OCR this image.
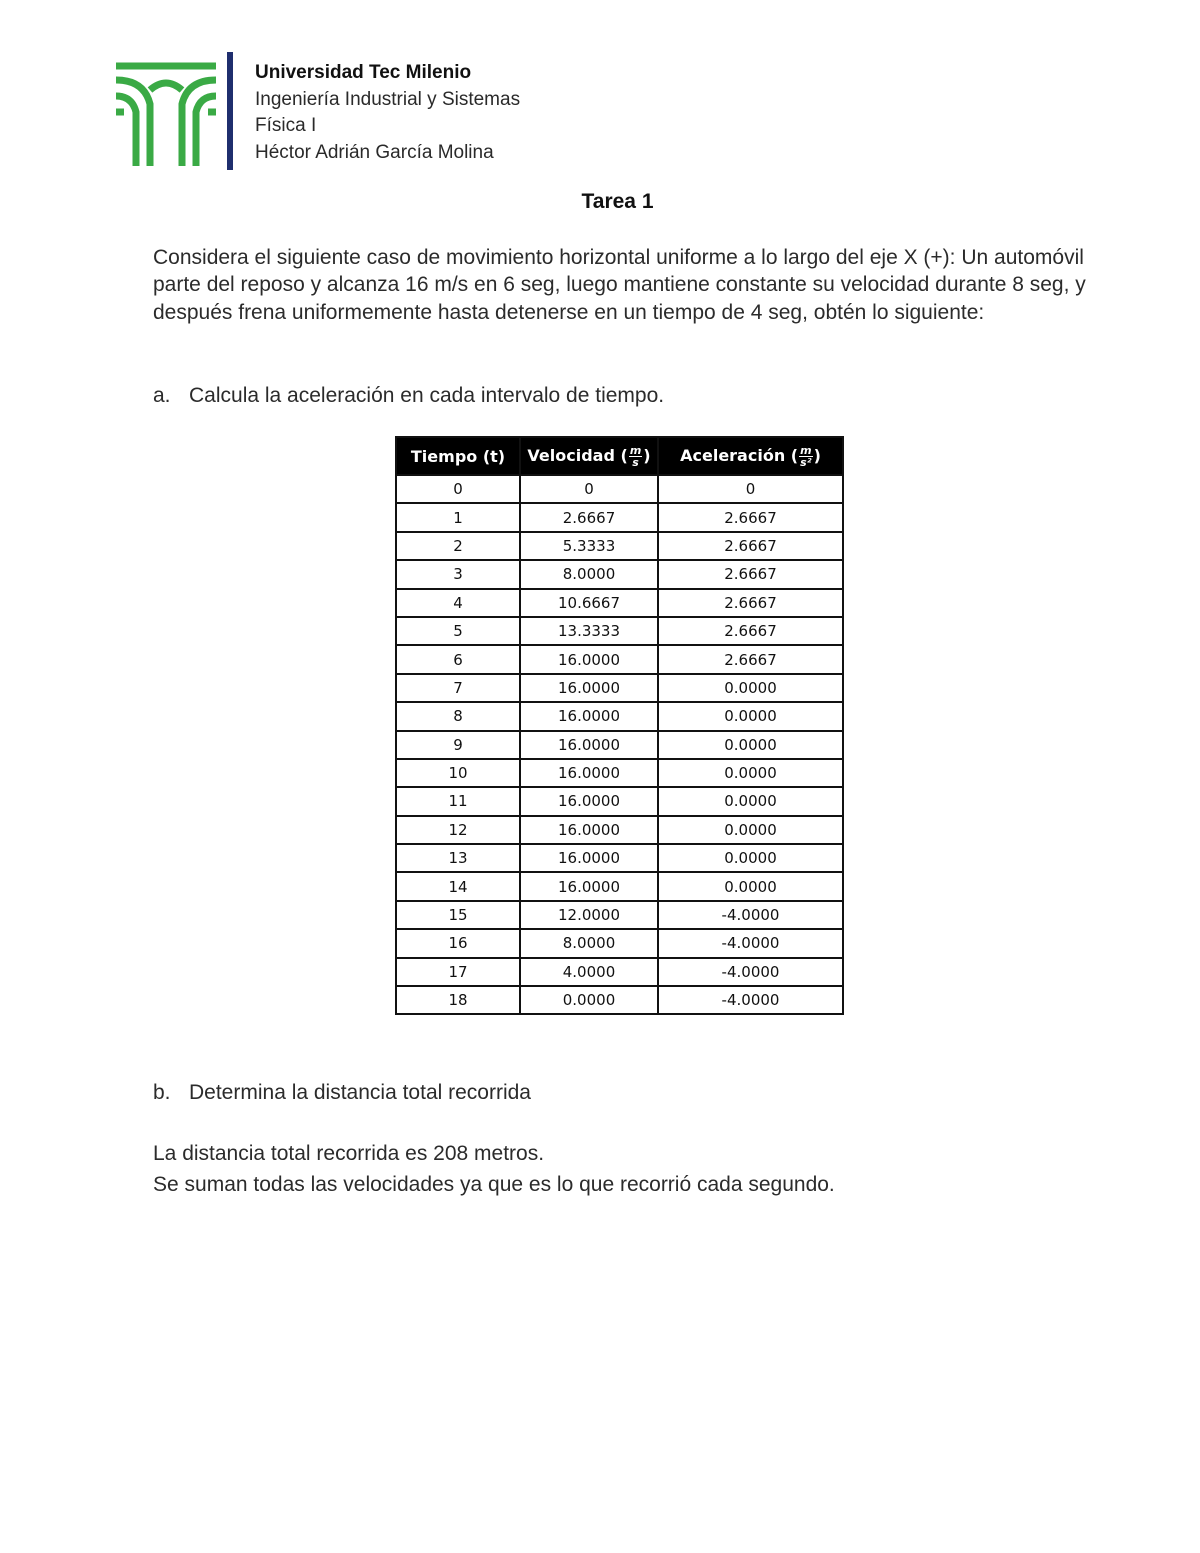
Universidad Tec Milenio
Ingeniería Industrial y Sistemas
Física I
Héctor Adrián García Molina
Tarea 1
Considera el siguiente caso de movimiento horizontal uniforme a lo largo del eje X (+): Un automóvil parte del reposo y alcanza 16 m/s en 6 seg, luego mantiene constante su velocidad durante 8 seg, y después frena uniformemente hasta detenerse en un tiempo de 4 seg, obtén lo siguiente:
a. Calcula la aceleración en cada intervalo de tiempo.
Tiempo (t)	Velocidad ( $\frac{m}{s}$ )	Aceleración ( $\frac{m}{\text{s²}}$ )
0	0	0
1	2.6667	2.6667
2	5.3333	2.6667
3	8.0000	2.6667
4	10.6667	2.6667
5	13.3333	2.6667
6	16.0000	2.6667
7	16.0000	0.0000
8	16.0000	0.0000
9	16.0000	0.0000
10	16.0000	0.0000
11	16.0000	0.0000
12	16.0000	0.0000
13	16.0000	0.0000
14	16.0000	0.0000
15	12.0000	-4.0000
16	8.0000	-4.0000
17	4.0000	-4.0000
18	0.0000	-4.0000
b. Determina la distancia total recorrida
La distancia total recorrida es 208 metros.
Se suman todas las velocidades ya que es lo que recorrió cada segundo.
